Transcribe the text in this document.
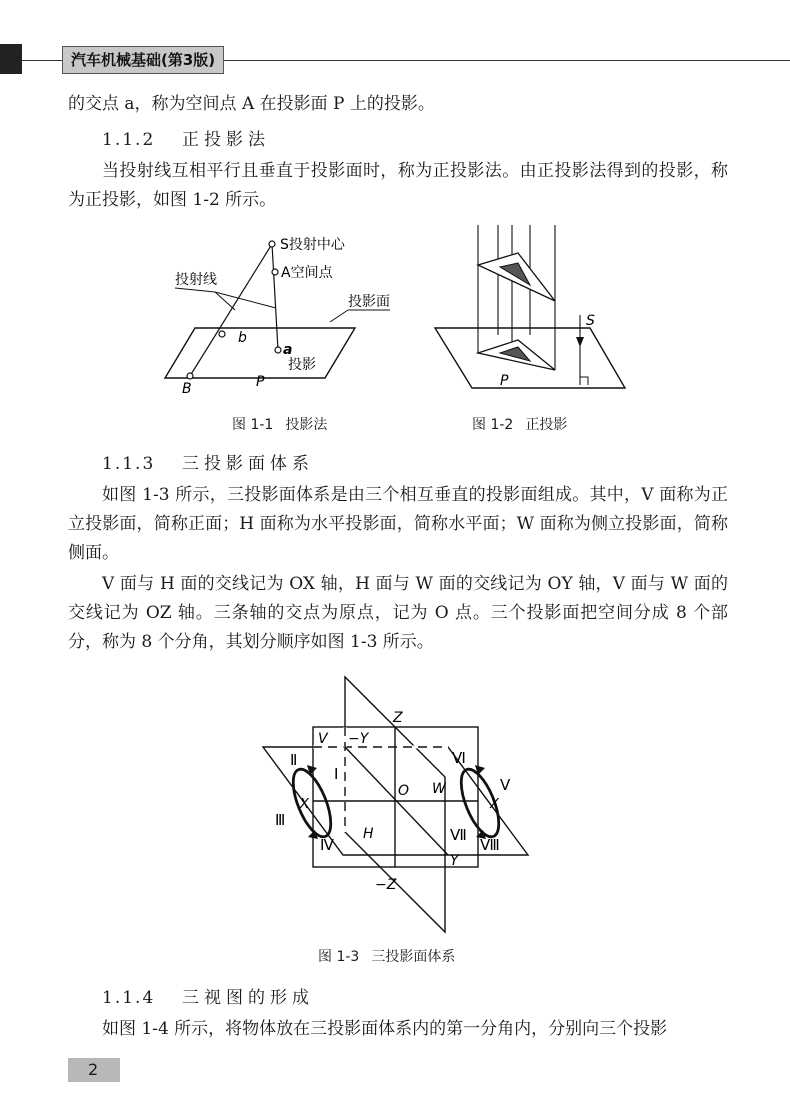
汽车机械基础(第3版)
的交点 a，称为空间点 A 在投影面 P 上的投影。
1.1.2 正投影法
当投射线互相平行且垂直于投影面时，称为正投影法。由正投影法得到的投影，称为正投影，如图 1-2 所示。
S投射中心
A空间点
投射线
投影面
b
a
投影
B	P
图 1-1 投影法
S
P
图 1-2 正投影
1.1.3 三投影面体系
如图 1-3 所示，三投影面体系是由三个相互垂直的投影面组成。其中，V 面称为正立投影面，简称正面；H 面称为水平投影面，简称水平面；W 面称为侧立投影面，简称侧面。
V 面与 H 面的交线记为 OX 轴，H 面与 W 面的交线记为 OY 轴，V 面与 W 面的交线记为 OZ 轴。三条轴的交点为原点，记为 O 点。三个投影面把空间分成 8 个部分，称为 8 个分角，其划分顺序如图 1-3 所示。
Z
−Z
V −Y
O W
H
Y
X	X
Ⅰ
Ⅱ
Ⅲ
Ⅳ
Ⅴ
Ⅵ
Ⅶ
Ⅷ
图 1-3 三投影面体系
1.1.4 三视图的形成
如图 1-4 所示，将物体放在三投影面体系内的第一分角内，分别向三个投影
2
